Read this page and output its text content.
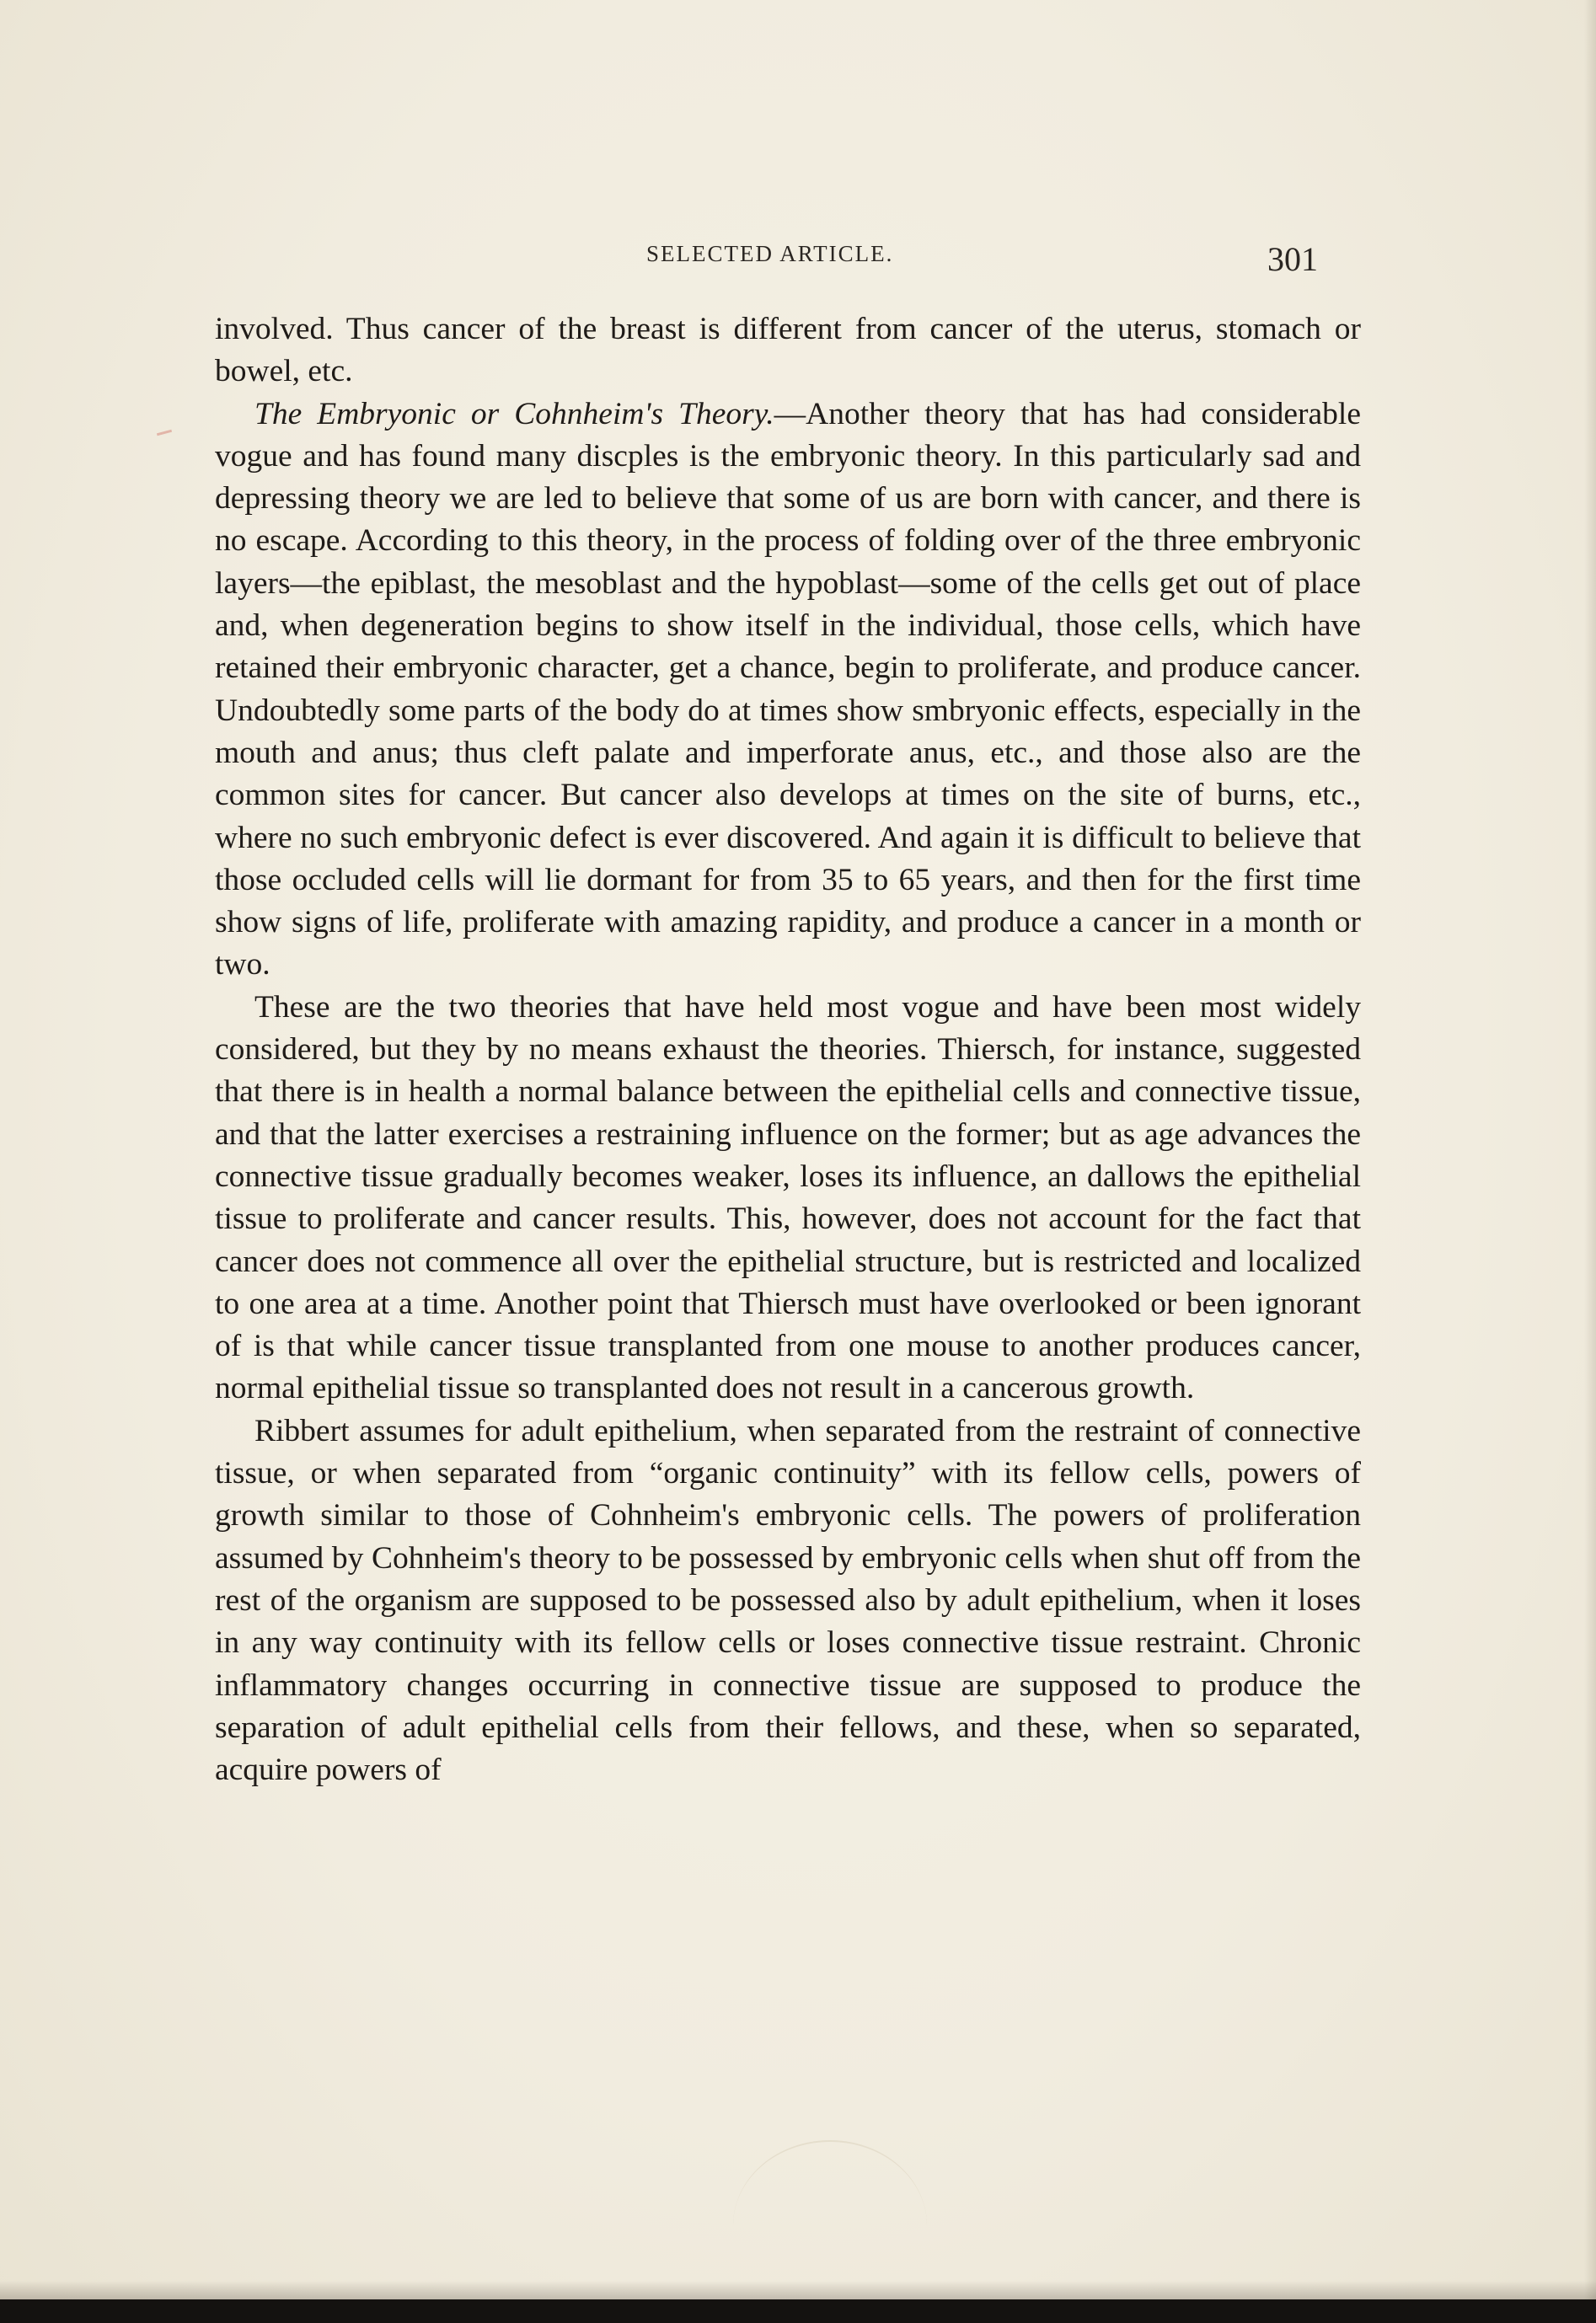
SELECTED ARTICLE.	301

involved. Thus cancer of the breast is different from cancer of the uterus, stomach or bowel, etc.

The Embryonic or Cohnheim's Theory.—Another theory that has had considerable vogue and has found many discples is the embryonic theory. In this particularly sad and depressing theory we are led to believe that some of us are born with cancer, and there is no escape. According to this theory, in the process of folding over of the three embryonic layers—the epiblast, the mesoblast and the hypoblast—some of the cells get out of place and, when degeneration begins to show itself in the individual, those cells, which have retained their embryonic character, get a chance, begin to proliferate, and produce cancer. Undoubtedly some parts of the body do at times show smbryonic effects, especially in the mouth and anus; thus cleft palate and imperforate anus, etc., and those also are the common sites for cancer. But cancer also develops at times on the site of burns, etc., where no such embryonic defect is ever discovered. And again it is difficult to believe that those occluded cells will lie dormant for from 35 to 65 years, and then for the first time show signs of life, proliferate with amazing rapidity, and produce a cancer in a month or two.

These are the two theories that have held most vogue and have been most widely considered, but they by no means exhaust the theories. Thiersch, for instance, suggested that there is in health a normal balance between the epithelial cells and connective tissue, and that the latter exercises a restraining influence on the former; but as age advances the connective tissue gradually becomes weaker, loses its influence, an dallows the epithelial tissue to proliferate and cancer results. This, however, does not account for the fact that cancer does not commence all over the epithelial structure, but is restricted and localized to one area at a time. Another point that Thiersch must have overlooked or been ignorant of is that while cancer tissue transplanted from one mouse to another produces cancer, normal epithelial tissue so transplanted does not result in a cancerous growth.

Ribbert assumes for adult epithelium, when separated from the restraint of connective tissue, or when separated from “organic continuity” with its fellow cells, powers of growth similar to those of Cohnheim's embryonic cells. The powers of proliferation assumed by Cohnheim's theory to be possessed by embryonic cells when shut off from the rest of the organism are supposed to be possessed also by adult epithelium, when it loses in any way continuity with its fellow cells or loses connective tissue restraint. Chronic inflammatory changes occurring in connective tissue are supposed to produce the separation of adult epithelial cells from their fellows, and these, when so separated, acquire powers of
